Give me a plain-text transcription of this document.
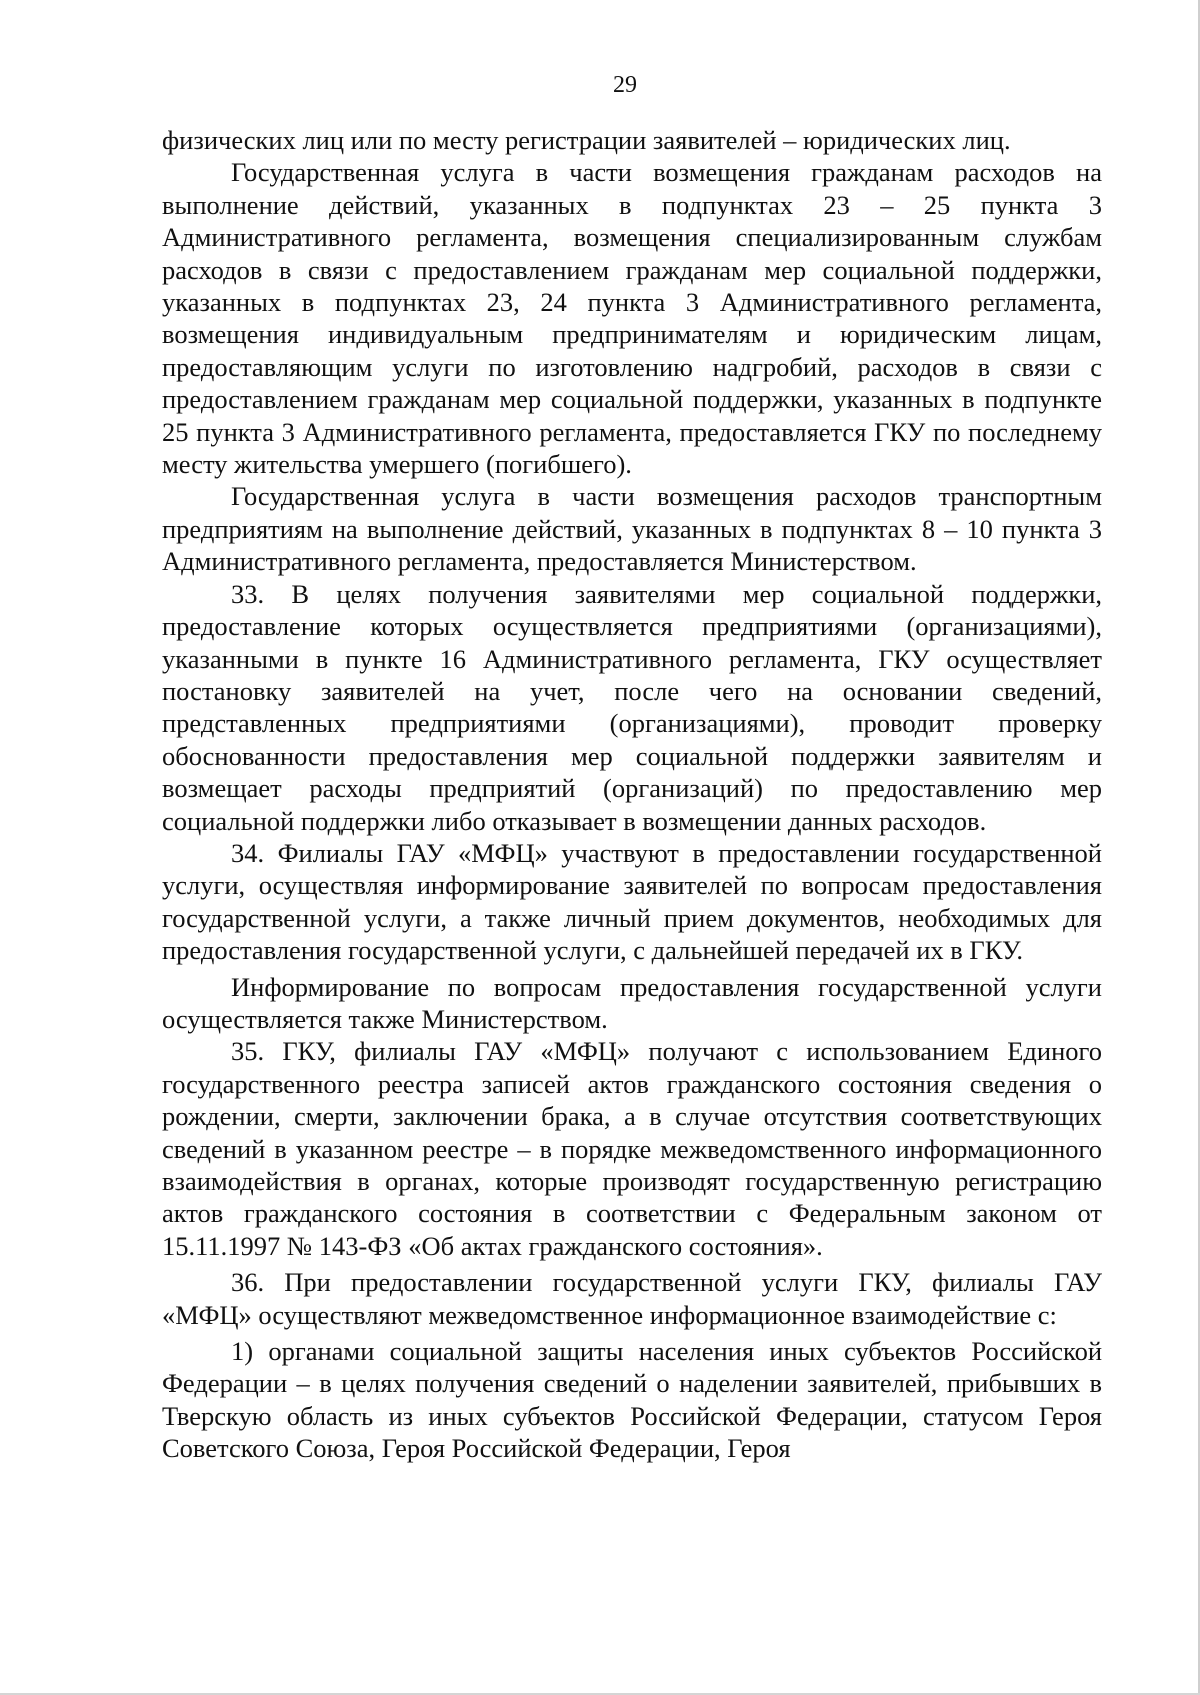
29

физических лиц или по месту регистрации заявителей – юридических лиц.

Государственная услуга в части возмещения гражданам расходов на выполнение действий, указанных в подпунктах 23 – 25 пункта 3 Административного регламента, возмещения специализированным службам расходов в связи с предоставлением гражданам мер социальной поддержки, указанных в подпунктах 23, 24 пункта 3 Административного регламента, возмещения индивидуальным предпринимателям и юридическим лицам, предоставляющим услуги по изготовлению надгробий, расходов в связи с предоставлением гражданам мер социальной поддержки, указанных в подпункте 25 пункта 3 Административного регламента, предоставляется ГКУ по последнему месту жительства умершего (погибшего).

Государственная услуга в части возмещения расходов транспортным предприятиям на выполнение действий, указанных в подпунктах 8 – 10 пункта 3 Административного регламента, предоставляется Министерством.

33. В целях получения заявителями мер социальной поддержки, предоставление которых осуществляется предприятиями (организациями), указанными в пункте 16 Административного регламента, ГКУ осуществляет постановку заявителей на учет, после чего на основании сведений, представленных предприятиями (организациями), проводит проверку обоснованности предоставления мер социальной поддержки заявителям и возмещает расходы предприятий (организаций) по предоставлению мер социальной поддержки либо отказывает в возмещении данных расходов.

34. Филиалы ГАУ «МФЦ» участвуют в предоставлении государственной услуги, осуществляя информирование заявителей по вопросам предоставления государственной услуги, а также личный прием документов, необходимых для предоставления государственной услуги, с дальнейшей передачей их в ГКУ.

Информирование по вопросам предоставления государственной услуги осуществляется также Министерством.

35. ГКУ, филиалы ГАУ «МФЦ» получают с использованием Единого государственного реестра записей актов гражданского состояния сведения о рождении, смерти, заключении брака, а в случае отсутствия соответствующих сведений в указанном реестре – в порядке межведомственного информационного взаимодействия в органах, которые производят государственную регистрацию актов гражданского состояния в соответствии с Федеральным законом от 15.11.1997 № 143-ФЗ «Об актах гражданского состояния».

36. При предоставлении государственной услуги ГКУ, филиалы ГАУ «МФЦ» осуществляют межведомственное информационное взаимодействие с:

1) органами социальной защиты населения иных субъектов Российской Федерации – в целях получения сведений о наделении заявителей, прибывших в Тверскую область из иных субъектов Российской Федерации, статусом Героя Советского Союза, Героя Российской Федерации, Героя
